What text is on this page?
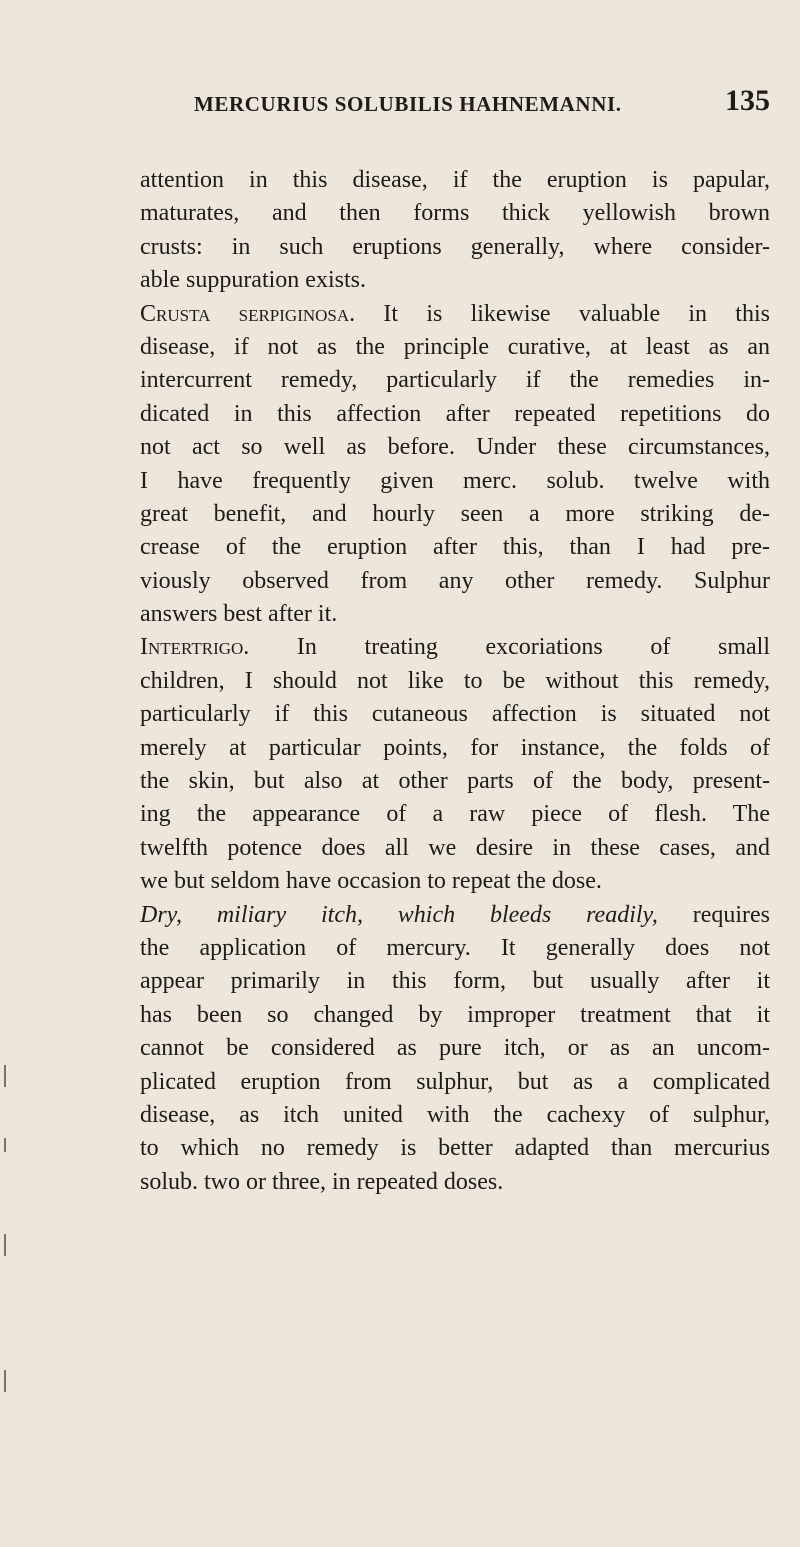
MERCURIUS SOLUBILIS HAHNEMANNI.	135
attention in this disease, if the eruption is papular,
maturates, and then forms thick yellowish brown
crusts: in such eruptions generally, where consider-
able suppuration exists.
Crusta serpiginosa. It is likewise valuable in this
disease, if not as the principle curative, at least as an
intercurrent remedy, particularly if the remedies in-
dicated in this affection after repeated repetitions do
not act so well as before. Under these circumstances,
I have frequently given merc. solub. twelve with
great benefit, and hourly seen a more striking de-
crease of the eruption after this, than I had pre-
viously observed from any other remedy. Sulphur
answers best after it.
Intertrigo. In treating excoriations of small
children, I should not like to be without this remedy,
particularly if this cutaneous affection is situated not
merely at particular points, for instance, the folds of
the skin, but also at other parts of the body, present-
ing the appearance of a raw piece of flesh. The
twelfth potence does all we desire in these cases, and
we but seldom have occasion to repeat the dose.
Dry, miliary itch, which bleeds readily, requires
the application of mercury. It generally does not
appear primarily in this form, but usually after it
has been so changed by improper treatment that it
cannot be considered as pure itch, or as an uncom-
plicated eruption from sulphur, but as a complicated
disease, as itch united with the cachexy of sulphur,
to which no remedy is better adapted than mercurius
solub. two or three, in repeated doses.
